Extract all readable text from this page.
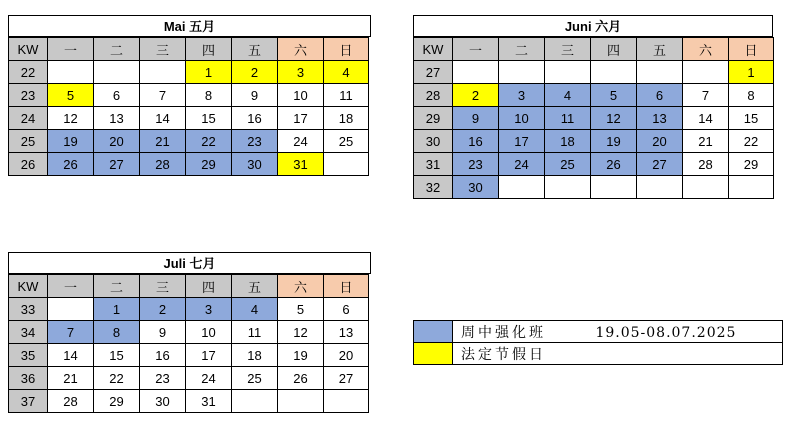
Mai 五月
KW	一	二	三	四	五	六	日
22				1	2	3	4
23	5	6	7	8	9	10	11
24	12	13	14	15	16	17	18
25	19	20	21	22	23	24	25
26	26	27	28	29	30	31	
Juni 六月
KW	一	二	三	四	五	六	日
27							1
28	2	3	4	5	6	7	8
29	9	10	11	12	13	14	15
30	16	17	18	19	20	21	22
31	23	24	25	26	27	28	29
32	30						
Juli 七月
KW	一	二	三	四	五	六	日
33		1	2	3	4	5	6
34	7	8	9	10	11	12	13
35	14	15	16	17	18	19	20
36	21	22	23	24	25	26	27
37	28	29	30	31			
	周中强化班 19.05-08.07.2025
	法定节假日
